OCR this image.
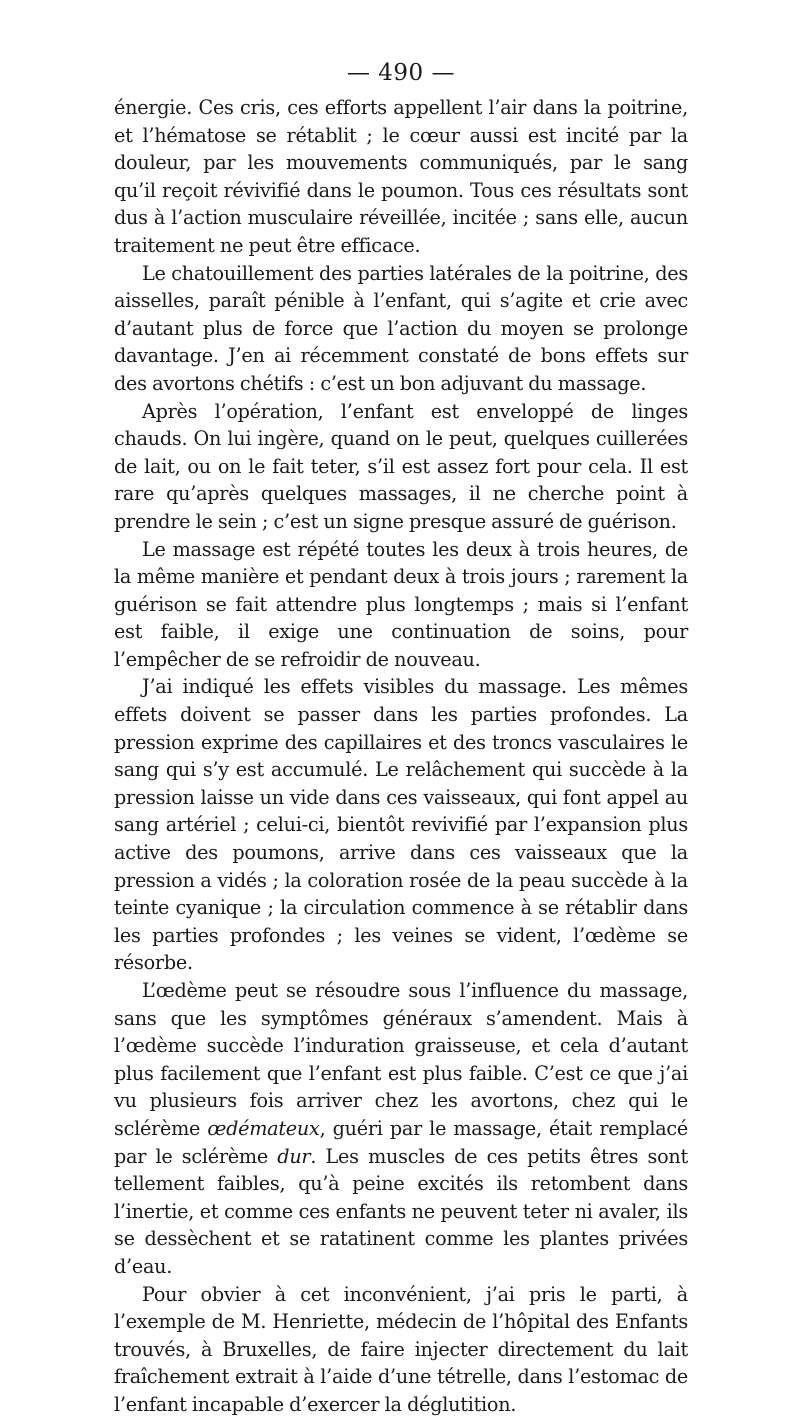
— 490 —

énergie. Ces cris, ces efforts appellent l’air dans la poitrine, et l’hématose se rétablit ; le cœur aussi est incité par la douleur, par les mouvements communiqués, par le sang qu’il reçoit révivifié dans le poumon. Tous ces résultats sont dus à l’action musculaire réveillée, incitée ; sans elle, aucun traitement ne peut être efficace.

Le chatouillement des parties latérales de la poitrine, des aisselles, paraît pénible à l’enfant, qui s’agite et crie avec d’autant plus de force que l’action du moyen se prolonge davantage. J’en ai récemment constaté de bons effets sur des avortons chétifs : c’est un bon adjuvant du massage.

Après l’opération, l’enfant est enveloppé de linges chauds. On lui ingère, quand on le peut, quelques cuillerées de lait, ou on le fait teter, s’il est assez fort pour cela. Il est rare qu’après quelques massages, il ne cherche point à prendre le sein ; c’est un signe presque assuré de guérison.

Le massage est répété toutes les deux à trois heures, de la même manière et pendant deux à trois jours ; rarement la guérison se fait attendre plus longtemps ; mais si l’enfant est faible, il exige une continuation de soins, pour l’empêcher de se refroidir de nouveau.

J’ai indiqué les effets visibles du massage. Les mêmes effets doivent se passer dans les parties profondes. La pression exprime des capillaires et des troncs vasculaires le sang qui s’y est accumulé. Le relâchement qui succède à la pression laisse un vide dans ces vaisseaux, qui font appel au sang artériel ; celui-ci, bientôt revivifié par l’expansion plus active des poumons, arrive dans ces vaisseaux que la pression a vidés ; la coloration rosée de la peau succède à la teinte cyanique ; la circulation commence à se rétablir dans les parties profondes ; les veines se vident, l’œdème se résorbe.

L’œdème peut se résoudre sous l’influence du massage, sans que les symptômes généraux s’amendent. Mais à l’œdème succède l’induration graisseuse, et cela d’autant plus facilement que l’enfant est plus faible. C’est ce que j’ai vu plusieurs fois arriver chez les avortons, chez qui le sclérème œdémateux, guéri par le massage, était remplacé par le sclérème dur. Les muscles de ces petits êtres sont tellement faibles, qu’à peine excités ils retombent dans l’inertie, et comme ces enfants ne peuvent teter ni avaler, ils se dessèchent et se ratatinent comme les plantes privées d’eau.

Pour obvier à cet inconvénient, j’ai pris le parti, à l’exemple de M. Henriette, médecin de l’hôpital des Enfants trouvés, à Bruxelles, de faire injecter directement du lait fraîchement extrait à l’aide d’une tétrelle, dans l’estomac de l’enfant incapable d’exercer la déglutition.
